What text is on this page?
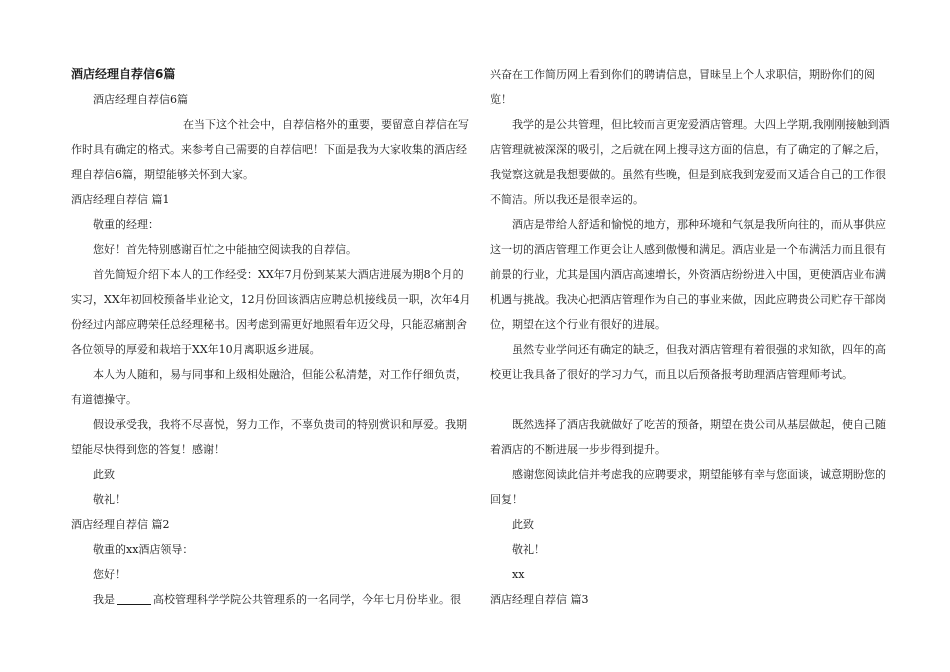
酒店经理自荐信6篇

酒店经理自荐信6篇

在当下这个社会中，自荐信格外的重要，要留意自荐信在写作时具有确定的格式。来参考自己需要的自荐信吧！下面是我为大家收集的酒店经理自荐信6篇，期望能够关怀到大家。

酒店经理自荐信 篇1

敬重的经理：

您好！首先特别感谢百忙之中能抽空阅读我的自荐信。

首先简短介绍下本人的工作经受：XX年7月份到某某大酒店进展为期8个月的实习，XX年初回校预备毕业论文，12月份回该酒店应聘总机接线员一职，次年4月份经过内部应聘荣任总经理秘书。因考虑到需更好地照看年迈父母，只能忍痛割舍各位领导的厚爱和栽培于XX年10月离职返乡进展。

本人为人随和，易与同事和上级相处融洽，但能公私清楚，对工作仔细负责，有道德操守。

假设承受我，我将不尽喜悦，努力工作，不辜负贵司的特别赏识和厚爱。我期望能尽快得到您的答复！感谢！

此致

敬礼！

酒店经理自荐信 篇2

敬重的xx酒店领导：

您好！

我是	高校管理科学学院公共管理系的一名同学，今年七月份毕业。很

兴奋在工作简历网上看到你们的聘请信息，冒昧呈上个人求职信，期盼你们的阅览！

我学的是公共管理，但比较而言更宠爱酒店管理。大四上学期,我刚刚接触到酒店管理就被深深的吸引，之后就在网上搜寻这方面的信息，有了确定的了解之后，我觉察这就是我想要做的。虽然有些晚，但是到底我到宠爱而又适合自己的工作很不简洁。所以我还是很幸运的。

酒店是带给人舒适和愉悦的地方，那种环境和气氛是我所向往的，而从事供应这一切的酒店管理工作更会让人感到傲慢和满足。酒店业是一个布满活力而且很有前景的行业，尤其是国内酒店高速增长，外资酒店纷纷进入中国，更使酒店业布满机遇与挑战。我决心把酒店管理作为自己的事业来做，因此应聘贵公司贮存干部岗位，期望在这个行业有很好的进展。

虽然专业学问还有确定的缺乏，但我对酒店管理有着很强的求知欲，四年的高校更让我具备了很好的学习力气，而且以后预备报考助理酒店管理师考试。

既然选择了酒店我就做好了吃苦的预备，期望在贵公司从基层做起，使自己随着酒店的不断进展一步步得到提升。

感谢您阅读此信并考虑我的应聘要求，期望能够有幸与您面谈，诚意期盼您的回复！

此致

敬礼！

xx

酒店经理自荐信 篇3
